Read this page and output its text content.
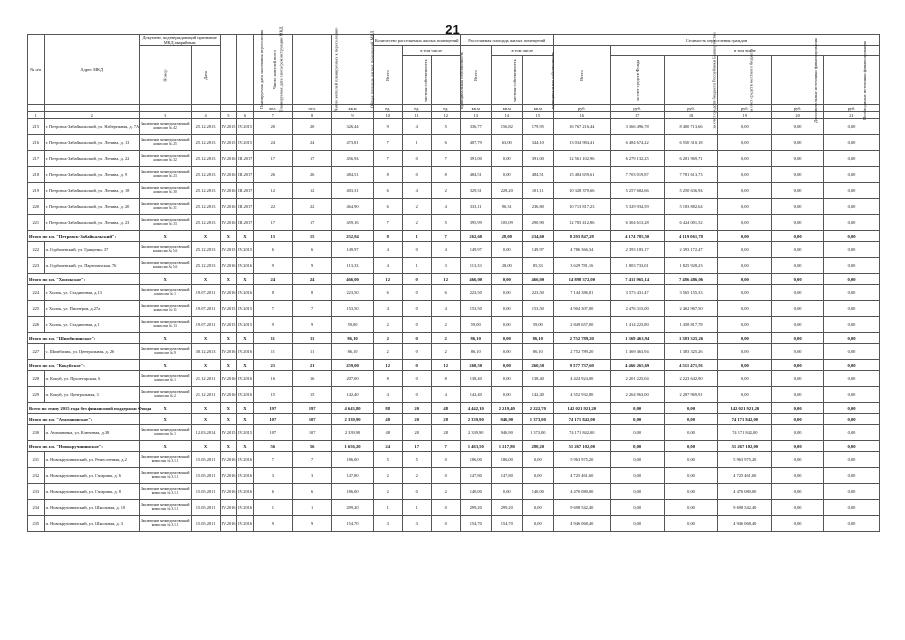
21
№ п/п	Адрес МКД	Документ, подтверждающий признание МКД аварийным		Планируемая дата окончания переселения	Планируемая дата сноса/реконструкции МКД	Число жителей всего	Число жителей планируемых к переселению	Общая площадь жилых помещений МКД	Количество расселяемых жилых помещений			Расселяемая площадь жилых помещений			Стоимость переселения граждан					
		Номер	Дата						Всего	в том числе		Всего	в том числе		Всего	в том числе				
										частная собственность	муниципальная собственность		частная собственность	муниципальная собственность		за счет средств Фонда	за счет средств бюджета Республики Башкортостан	за счет средств местного бюджета	Дополнительные источники финансирования	Необходимые источники финансирования
						чел.	чел.	кв.м	ед.	ед.	ед.	кв.м	кв.м	кв.м	руб.	руб.	руб.	руб.	руб.	руб.
1	2	3	4	5	6	7	8	9	10	11	12	13	14	15	16	17	18	19	20	21
215	г. Петровск-Забайкальский, ул. Набережная, д. 7А	Заключение межведомственной комиссии № 42	25.12.2013	IV.2015	IV.2015	20	20	326,44	9	4	5	336,77	156,82	179,95	16 767 216,44	3 366 496,78	8 400 713,66	0,00	0,00	0,00
216	г. Петровск-Забайкальский, ул. Ленина, д. 13	Заключение межведомственной комиссии № 25	25.12.2013	IV.2015	IV.2015	24	24	473,81	7	1	6	407,79	63,00	344,10	13 034 984,41	6 484 674,22	6 550 310,18	0,00	0,00	0,00
217	г. Петровск-Забайкальский, ул. Ленина, д. 22	Заключение межведомственной комиссии № 32	25.12.2013	IV.2016	III.2017	17	17	456,94	7	0	7	391,00	0,00	391,00	12 561 102,96	6 279 132,25	6 281 969,71	0,00	0,00	0,00
218	г. Петровск-Забайкальский, ул. Ленина, д. 9	Заключение межведомственной комиссии № 23	25.12.2013	IV.2016	III.2017	26	26	484,51	8	0	8	484,51	0,00	484,51	15 484 659,61	7 703 019,87	7 781 613,73	0,00	0,00	0,00
219	г. Петровск-Забайкальский, ул. Ленина, д. 18	Заключение межведомственной комиссии № 30	25.12.2013	IV.2016	III.2017	12	12	403,31	6	4	2	329,31	228,20	101,11	10 328 379,66	5 257 682,66	5 250 636,94	0,00	0,00	0,00
220	г. Петровск-Забайкальский, ул. Ленина, д. 20	Заключение межведомственной комиссии № 31	25.12.2013	IV.2016	III.2017	22	22	464,90	6	2	4	333,11	96,31	236,80	10 713 817,23	5 329 934,59	5 183 882,64	0,00	0,00	0,00
221	г. Петровск-Забайкальский, ул. Ленина, д. 23	Заключение межведомственной комиссии № 33	25.12.2013	IV.2016	III.2017	17	17	459,16	7	2	5	395,99	105,09	290,90	12 783 412,86	6 304 613,28	6 424 001,52	0,00	0,00	0,00
Итого по г.п. "Петровск-Забайкальский":		X	X	X	X	15	15	252,84	8	1	7	262,60	28,00	234,60	8 293 847,28	4 174 785,50	4 119 061,78	0,00	0,00	0,00
222	п. Горбачевский, ул. Гриценко, 37	Заключение межведомственной комиссии № 5.6	25.12.2013	IV.2015	IV.2015	6	6	149,97	4	0	4	149,97	0,00	149,97	4 786 366,34	2 393 183,17	2 393 172,47	0,00	0,00	0,00
223	п. Горбачевский, ул. Партизанская, 76	Заключение межведомственной комиссии № 5.6	25.12.2013	IV.2016	IV.2016	9	9	113,33	4	1	3	113,33	28,00	85,33	3 629 781,16	1 803 733,01	1 825 928,23	0,00	0,00	0,00
Итого по г.п. "Хилокское":		X	X	X	X	24	24	466,00	12	0	12	466,00	0,00	466,00	14 898 372,00	7 411 965,14	7 486 486,06	0,00	0,00	0,00
224	г. Хилок, ул. Стадионная, д.13	Заключение межведомственной комиссии № 1	19.07.2011	IV.2016	IV.2016	8	8	223,50	6	0	6	223,50	0,00	223,50	7 144 386,81	3 573 431,47	3 565 155,33	0,00	0,00	0,00
225	г. Хилок, ул. Пионеров, д.27а	Заключение межведомственной комиссии № 11	19.07.2011	IV.2015	IV.2015	7	7	153,50	4	0	4	153,50	0,00	153,50	4 904 307,00	2 476 315,00	2 462 967,50	0,00	0,00	0,00
226	г. Хилок, ул. Стадионная, д.1	Заключение межведомственной комиссии № 13	19.07.2011	IV.2015	IV.2015	9	9	59,00	2	0	2	59,00	0,00	59,00	2 849 657,00	1 414 223,80	1 458 817,78	0,00	0,00	0,00
Итого по г.п. "Шимбилинское":		X	X	X	X	11	11	86,10	2	0	2	86,10	0,00	86,10	2 752 789,20	1 369 463,94	1 383 325,26	0,00	0,00	0,00
227	с. Шимбилик, ул. Центральная, д. 26	Заключение межведомственной комиссии № 9	30.12.2013	IV.2016	IV.2016	11	11	86,10	2	0	2	86,10	0,00	86,10	2 752 789,20	1 369 463,94	1 383 325,26	0,00	0,00	0,00
Итого по г.п. "Кокуйское":		X	X	X	X	21	21	259,00	12	0	12	260,50	0,00	260,50	9 577 737,60	4 466 265,69	4 511 471,91	0,00	0,00	0,00
228	п. Кокуй, ул. Пролетарская, 6	Заключение межведомственной комиссии № 1	21.12.2011	IV.2016	IV.2016	16	16	207,00	8	0	8	138,40	0,00	138,40	4 424 924,00	2 201 225,04	2 223 642,90	0,00	0,00	0,00
229	п. Кокуй, ул. Центральная, 3	Заключение межведомственной комиссии № 2	21.12.2011	IV.2016	IV.2016	15	15	142,40	4	0	4	142,40	0,00	142,40	4 552 932,80	2 264 963,00	2 287 969,91	0,00	0,00	0,00
Всего по этапу 2015 года без финансовой поддержки Фонда		X	X	X	X	197	197	4 643,80	88	20	48	4 442,10	2 219,40	2 222,70	142 021 921,20	0,00	0,00	142 021 921,20	0,00	0,00
Итого по г.п. "Атамановское":		X	X	X	X	107	107	2 339,90	48	20	28	2 339,90	946,90	1 373,00	74 171 842,00	0,00	0,00	74 171 842,00	0,00	0,00
230	п. Атамановка, ул. Ключевая, д.38	Заключение межведомственной комиссии № 1	12.03.2014	IV.2015	IV.2015	107	107	2 339,90	48	20	28	2 339,90	946,90	1 373,00	74 171 842,00	0,00	0,00	74 171 842,00	0,00	0,00
Итого по г.п. "Новокручининское":		X	X	X	X	56	56	1 656,20	24	17	7	1 463,50	1 217,80	280,20	51 267 102,00	0,00	0,00	51 267 102,00	0,00	0,00
231	п. Новокручининский, ул. Ремесленная, д.2	Заключение межведомственной комиссии № 3.1.1	15.05.2011	IV.2016	IV.2016	7	7	186,00	5	5	0	186,00	186,00	0,00	5 963 975,20	0,00	0,00	5 963 975,20	0,00	0,00
232	п. Новокручининский, ул. Гагарина, д. 6	Заключение межведомственной комиссии № 3.1.1	15.05.2011	IV.2016	IV.2016	3	3	147,80	2	2	0	147,80	147,80	0,00	4 725 461,60	0,00	0,00	4 725 461,60	0,00	0,00
233	п. Новокручининский, ул. Гагарина, д. 8	Заключение межведомственной комиссии № 3.1.1	15.05.2011	IV.2016	IV.2016	6	6	186,00	2	0	2	140,00	0,00	140,00	4 476 080,00	0,00	0,00	4 476 080,00	0,00	0,00
234	п. Новокручининский, ул. Школьная, д. 10	Заключение межведомственной комиссии № 3.1.1	15.05.2011	IV.2016	IV.2016	1	1	299,20	1	1	0	299,20	299,20	0,00	9 698 542,40	0,00	0,00	9 698 542,40	0,00	0,00
235	п. Новокручининский, ул. Школьная, д. 3	Заключение межведомственной комиссии № 3.1.1	15.05.2011	IV.2016	IV.2016	9	9	154,70	3	3	0	154,70	154,70	0,00	4 946 068,40	0,00	0,00	4 946 068,40	0,00	0,00
